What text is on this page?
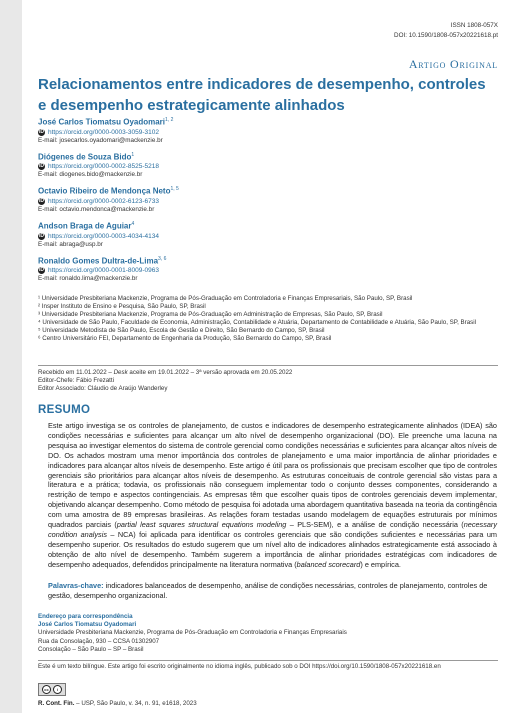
ISSN 1808-057X
DOI: 10.1590/1808-057x20221618.pt
Artigo Original
Relacionamentos entre indicadores de desempenho, controles e desempenho estrategicamente alinhados
José Carlos Tiomatsu Oyadomari$^{1, 2}$
iD https://orcid.org/0000-0003-3059-3102
E-mail: josecarlos.oyadomari@mackenzie.br
Diógenes de Souza Bido$^1$
iD https://orcid.org/0000-0002-8525-5218
E-mail: diogenes.bido@mackenzie.br
Octavio Ribeiro de Mendonça Neto$^{1, 5}$
iD https://orcid.org/0000-0002-6123-6733
E-mail: octavio.mendonca@mackenzie.br
Andson Braga de Aguiar$^4$
iD https://orcid.org/0000-0003-4034-4134
E-mail: abraga@usp.br
Ronaldo Gomes Dultra-de-Lima$^{3, 6}$
iD https://orcid.org/0000-0001-8009-0963
E-mail: ronaldo.lima@mackenzie.br
¹ Universidade Presbiteriana Mackenzie, Programa de Pós-Graduação em Controladoria e Finanças Empresariais, São Paulo, SP, Brasil
² Insper Instituto de Ensino e Pesquisa, São Paulo, SP, Brasil
³ Universidade Presbiteriana Mackenzie, Programa de Pós-Graduação em Administração de Empresas, São Paulo, SP, Brasil
⁴ Universidade de São Paulo, Faculdade de Economia, Administração, Contabilidade e Atuária, Departamento de Contabilidade e Atuária, São Paulo, SP, Brasil
⁵ Universidade Metodista de São Paulo, Escola de Gestão e Direito, São Bernardo do Campo, SP, Brasil
⁶ Centro Universitário FEI, Departamento de Engenharia da Produção, São Bernardo do Campo, SP, Brasil
Recebido em 11.01.2022 – Desk aceite em 19.01.2022 – 3ª versão aprovada em 20.05.2022
Editor-Chefe: Fábio Frezatti
Editor Associado: Cláudio de Araújo Wanderley
RESUMO
Este artigo investiga se os controles de planejamento, de custos e indicadores de desempenho estrategicamente alinhados (IDEA) são condições necessárias e suficientes para alcançar um alto nível de desempenho organizacional (DO). Ele preenche uma lacuna na pesquisa ao investigar elementos do sistema de controle gerencial como condições necessárias e suficientes para alcançar altos níveis de DO. Os achados mostram uma menor importância dos controles de planejamento e uma maior importância de alinhar prioridades e indicadores para alcançar altos níveis de desempenho. Este artigo é útil para os profissionais que precisam escolher que tipo de controles gerenciais são prioritários para alcançar altos níveis de desempenho. As estruturas conceituais de controle gerencial são vistas para a literatura e a prática; todavia, os profissionais não conseguem implementar todo o conjunto desses componentes, considerando a restrição de tempo e aspectos contingenciais. As empresas têm que escolher quais tipos de controles gerenciais devem implementar, objetivando alcançar desempenho. Como método de pesquisa foi adotada uma abordagem quantitativa baseada na teoria da contingência com uma amostra de 89 empresas brasileiras. As relações foram testadas usando modelagem de equações estruturais por mínimos quadrados parciais (partial least squares structural equations modeling – PLS-SEM), e a análise de condição necessária (necessary condition analysis – NCA) foi aplicada para identificar os controles gerenciais que são condições suficientes e necessárias para um desempenho superior. Os resultados do estudo sugerem que um nível alto de indicadores alinhados estrategicamente está associado à obtenção de alto nível de desempenho. Também sugerem a importância de alinhar prioridades estratégicas com indicadores de desempenho adequados, defendidos principalmente na literatura normativa (balanced scorecard) e empírica.
Palavras-chave: indicadores balanceados de desempenho, análise de condições necessárias, controles de planejamento, controles de gestão, desempenho organizacional.
Endereço para correspondência
José Carlos Tiomatsu Oyadomari
Universidade Presbiteriana Mackenzie, Programa de Pós-Graduação em Controladoria e Finanças Empresariais
Rua da Consolação, 930 – CCSA 01302907
Consolação – São Paulo – SP – Brasil
Este é um texto bilíngue. Este artigo foi escrito originalmente no idioma inglês, publicado sob o DOI https://doi.org/10.1590/1808-057x20221618.en
cc	i
R. Cont. Fin. – USP, São Paulo, v. 34, n. 91, e1618, 2023
